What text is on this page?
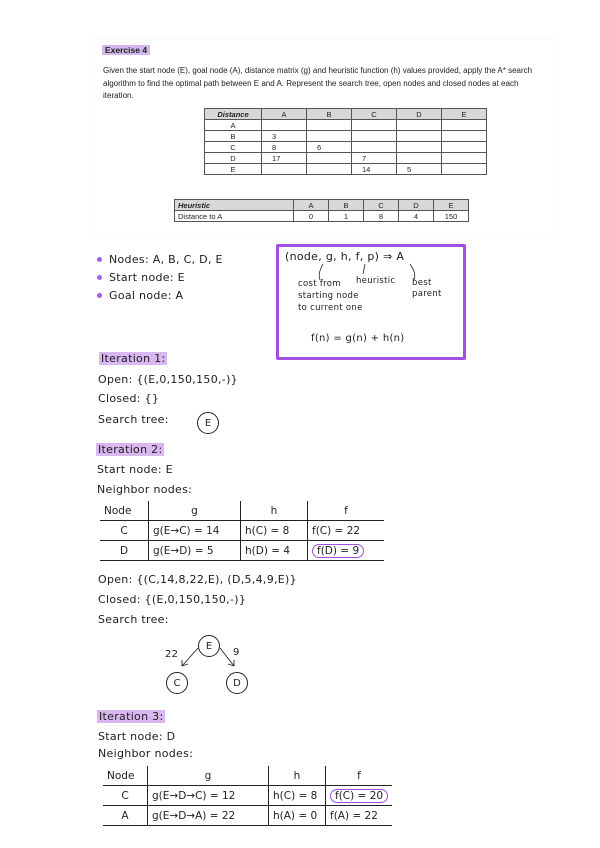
Exercise 4
Given the start node (E), goal node (A), distance matrix (g) and heuristic function (h) values provided, apply the A* search algorithm to find the optimal path between E and A. Represent the search tree, open nodes and closed nodes at each iteration.
Distance	A	B	C	D	E
A					
B	3				
C	8	6			
D	17		7		
E			14	5	
Heuristic	A	B	C	D	E
Distance to A	0	1	8	4	150
Nodes: A, B, C, D, E
Start node: E
Goal node: A
(node, g, h, f, p) ⇒ A
cost from starting node to current one
heuristic best parent
f(n) = g(n) + h(n)
Iteration 1:
Open: {(E,0,150,150,-)}
Closed: {}
Search tree:	E
Iteration 2:
Start node: E
Neighbor nodes:
Node	g	h	f
C	g(E→C) = 14	h(C) = 8	f(C) = 22
D	g(E→D) = 5	h(D) = 4	f(D) = 9
Open: {(C,14,8,22,E), (D,5,4,9,E)}
Closed: {(E,0,150,150,-)}
Search tree:
E
C	D
22	9
Iteration 3:
Start node: D
Neighbor nodes:
Node	g	h	f
C	g(E→D→C) = 12	h(C) = 8	f(C) = 20
A	g(E→D→A) = 22	h(A) = 0	f(A) = 22
